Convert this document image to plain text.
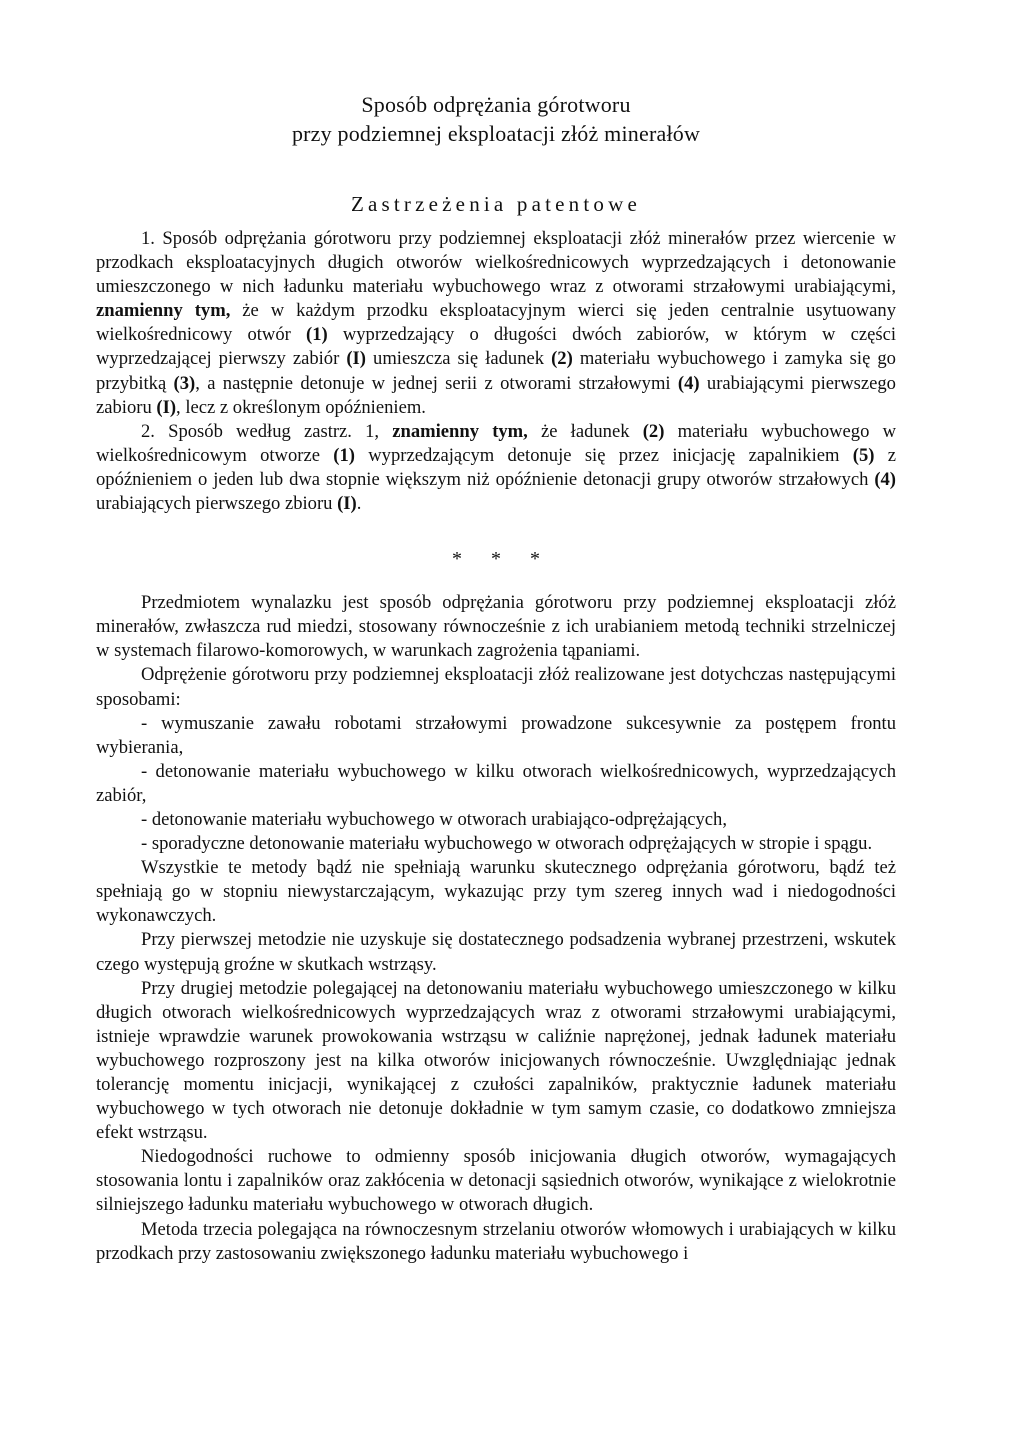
Sposób odprężania górotworu
przy podziemnej eksploatacji złóż minerałów
Zastrzeżenia patentowe

1. Sposób odprężania górotworu przy podziemnej eksploatacji złóż minerałów przez wiercenie w przodkach eksploatacyjnych długich otworów wielkośrednicowych wyprzedzających i detonowanie umieszczonego w nich ładunku materiału wybuchowego wraz z otworami strzałowymi urabiającymi, znamienny tym, że w każdym przodku eksploatacyjnym wierci się jeden centralnie usytuowany wielkośrednicowy otwór (1) wyprzedzający o długości dwóch zabiorów, w którym w części wyprzedzającej pierwszy zabiór (I) umieszcza się ładunek (2) materiału wybuchowego i zamyka się go przybitką (3), a następnie detonuje w jednej serii z otworami strzałowymi (4) urabiającymi pierwszego zabioru (I), lecz z określonym opóźnieniem.

2. Sposób według zastrz. 1, znamienny tym, że ładunek (2) materiału wybuchowego w wielkośrednicowym otworze (1) wyprzedzającym detonuje się przez inicjację zapalnikiem (5) z opóźnieniem o jeden lub dwa stopnie większym niż opóźnienie detonacji grupy otworów strzałowych (4) urabiających pierwszego zbioru (I).

* * *

Przedmiotem wynalazku jest sposób odprężania górotworu przy podziemnej eksploatacji złóż minerałów, zwłaszcza rud miedzi, stosowany równocześnie z ich urabianiem metodą techniki strzelniczej w systemach filarowo-komorowych, w warunkach zagrożenia tąpaniami.

Odprężenie górotworu przy podziemnej eksploatacji złóż realizowane jest dotychczas następującymi sposobami:

- wymuszanie zawału robotami strzałowymi prowadzone sukcesywnie za postępem frontu wybierania,

- detonowanie materiału wybuchowego w kilku otworach wielkośrednicowych, wyprzedzających zabiór,

- detonowanie materiału wybuchowego w otworach urabiająco-odprężających,

- sporadyczne detonowanie materiału wybuchowego w otworach odprężających w stropie i spągu.

Wszystkie te metody bądź nie spełniają warunku skutecznego odprężania górotworu, bądź też spełniają go w stopniu niewystarczającym, wykazując przy tym szereg innych wad i niedogodności wykonawczych.

Przy pierwszej metodzie nie uzyskuje się dostatecznego podsadzenia wybranej przestrzeni, wskutek czego występują groźne w skutkach wstrząsy.

Przy drugiej metodzie polegającej na detonowaniu materiału wybuchowego umieszczonego w kilku długich otworach wielkośrednicowych wyprzedzających wraz z otworami strzałowymi urabiającymi, istnieje wprawdzie warunek prowokowania wstrząsu w caliźnie naprężonej, jednak ładunek materiału wybuchowego rozproszony jest na kilka otworów inicjowanych równocześnie. Uwzględniając jednak tolerancję momentu inicjacji, wynikającej z czułości zapalników, praktycznie ładunek materiału wybuchowego w tych otworach nie detonuje dokładnie w tym samym czasie, co dodatkowo zmniejsza efekt wstrząsu.

Niedogodności ruchowe to odmienny sposób inicjowania długich otworów, wymagających stosowania lontu i zapalników oraz zakłócenia w detonacji sąsiednich otworów, wynikające z wielokrotnie silniejszego ładunku materiału wybuchowego w otworach długich.

Metoda trzecia polegająca na równoczesnym strzelaniu otworów włomowych i urabiających w kilku przodkach przy zastosowaniu zwiększonego ładunku materiału wybuchowego i
